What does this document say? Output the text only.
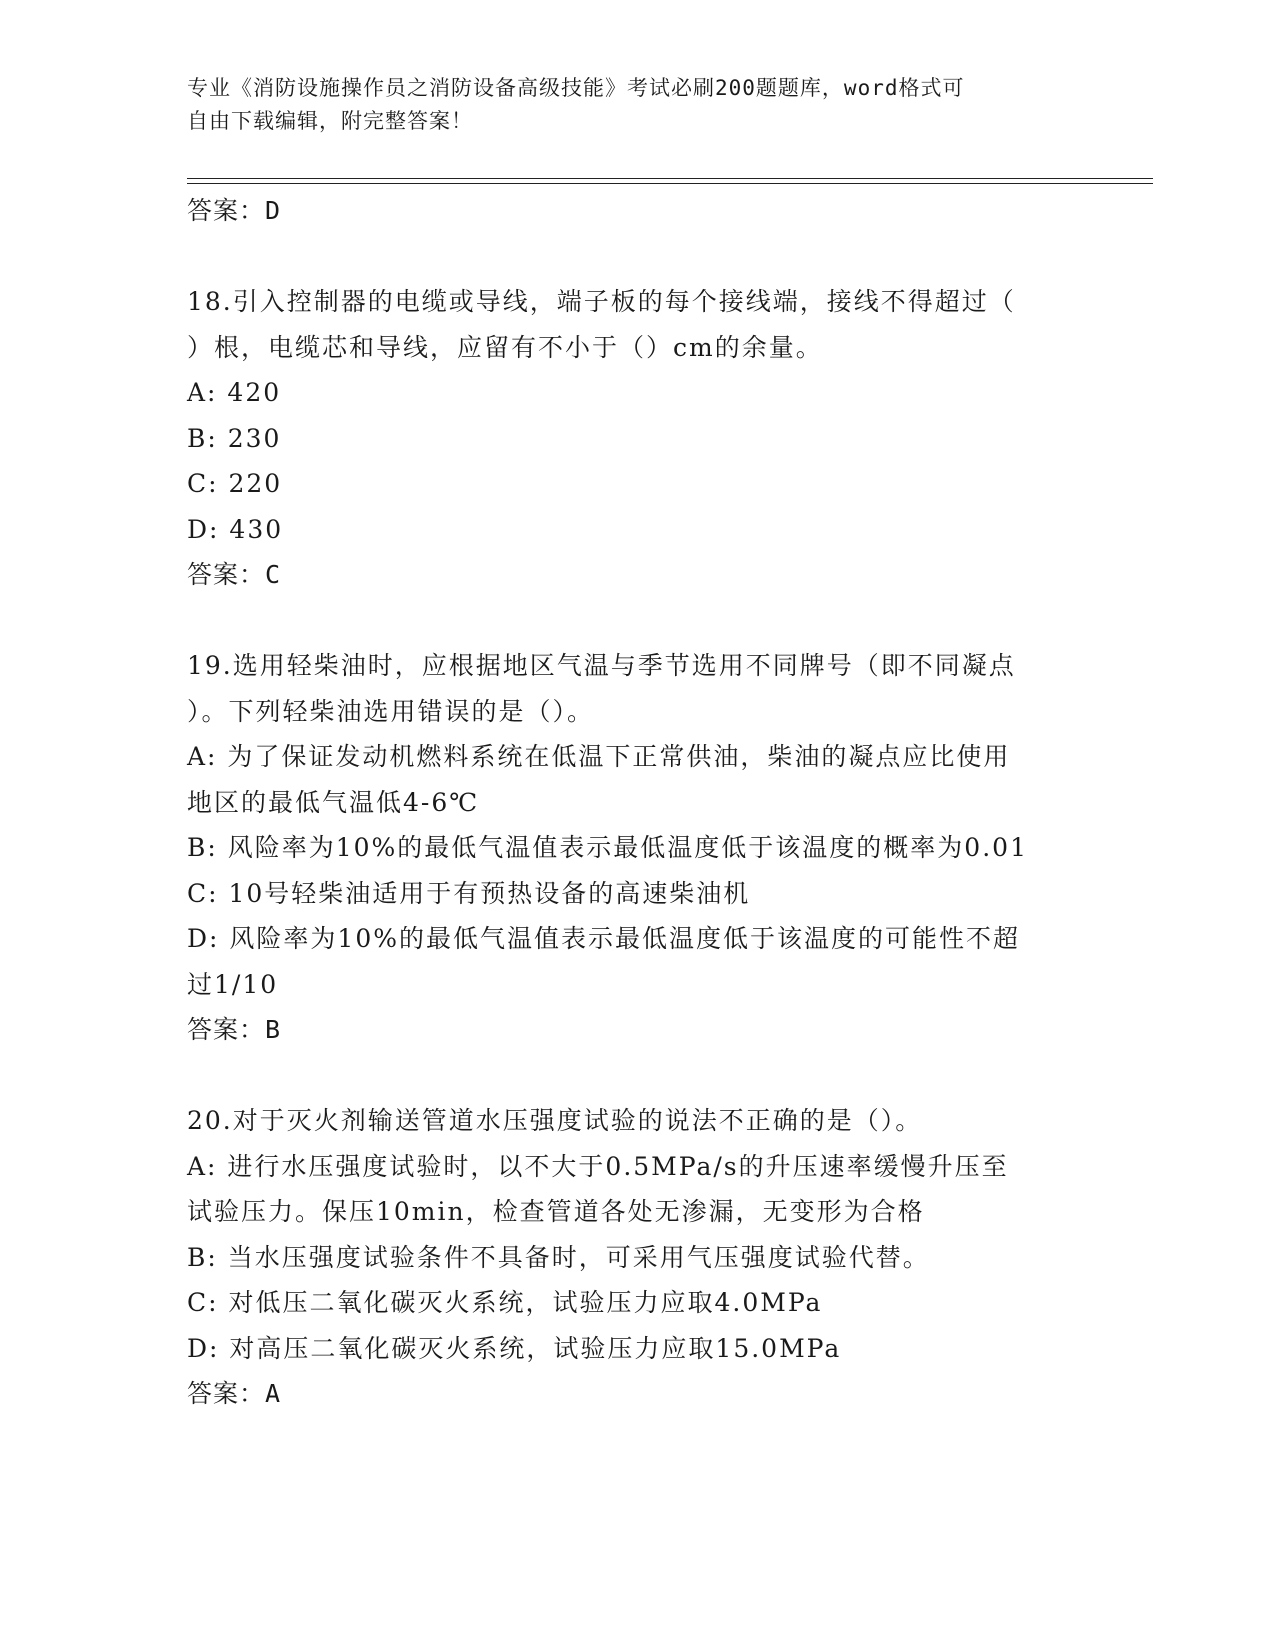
专业《消防设施操作员之消防设备高级技能》考试必刷200题题库，word格式可
自由下载编辑，附完整答案！
答案：D
18.引入控制器的电缆或导线，端子板的每个接线端，接线不得超过（
）根，电缆芯和导线，应留有不小于（）cm的余量。
A: 420
B: 230
C: 220
D: 430
答案：C
19.选用轻柴油时，应根据地区气温与季节选用不同牌号（即不同凝点
）。下列轻柴油选用错误的是（）。
A: 为了保证发动机燃料系统在低温下正常供油，柴油的凝点应比使用
地区的最低气温低4-6℃
B: 风险率为10%的最低气温值表示最低温度低于该温度的概率为0.01
C: 10号轻柴油适用于有预热设备的高速柴油机
D: 风险率为10%的最低气温值表示最低温度低于该温度的可能性不超
过1/10
答案：B
20.对于灭火剂输送管道水压强度试验的说法不正确的是（）。
A: 进行水压强度试验时，以不大于0.5MPa/s的升压速率缓慢升压至
试验压力。保压10min，检查管道各处无渗漏，无变形为合格
B: 当水压强度试验条件不具备时，可采用气压强度试验代替。
C: 对低压二氧化碳灭火系统，试验压力应取4.0MPa
D: 对高压二氧化碳灭火系统，试验压力应取15.0MPa
答案：A
